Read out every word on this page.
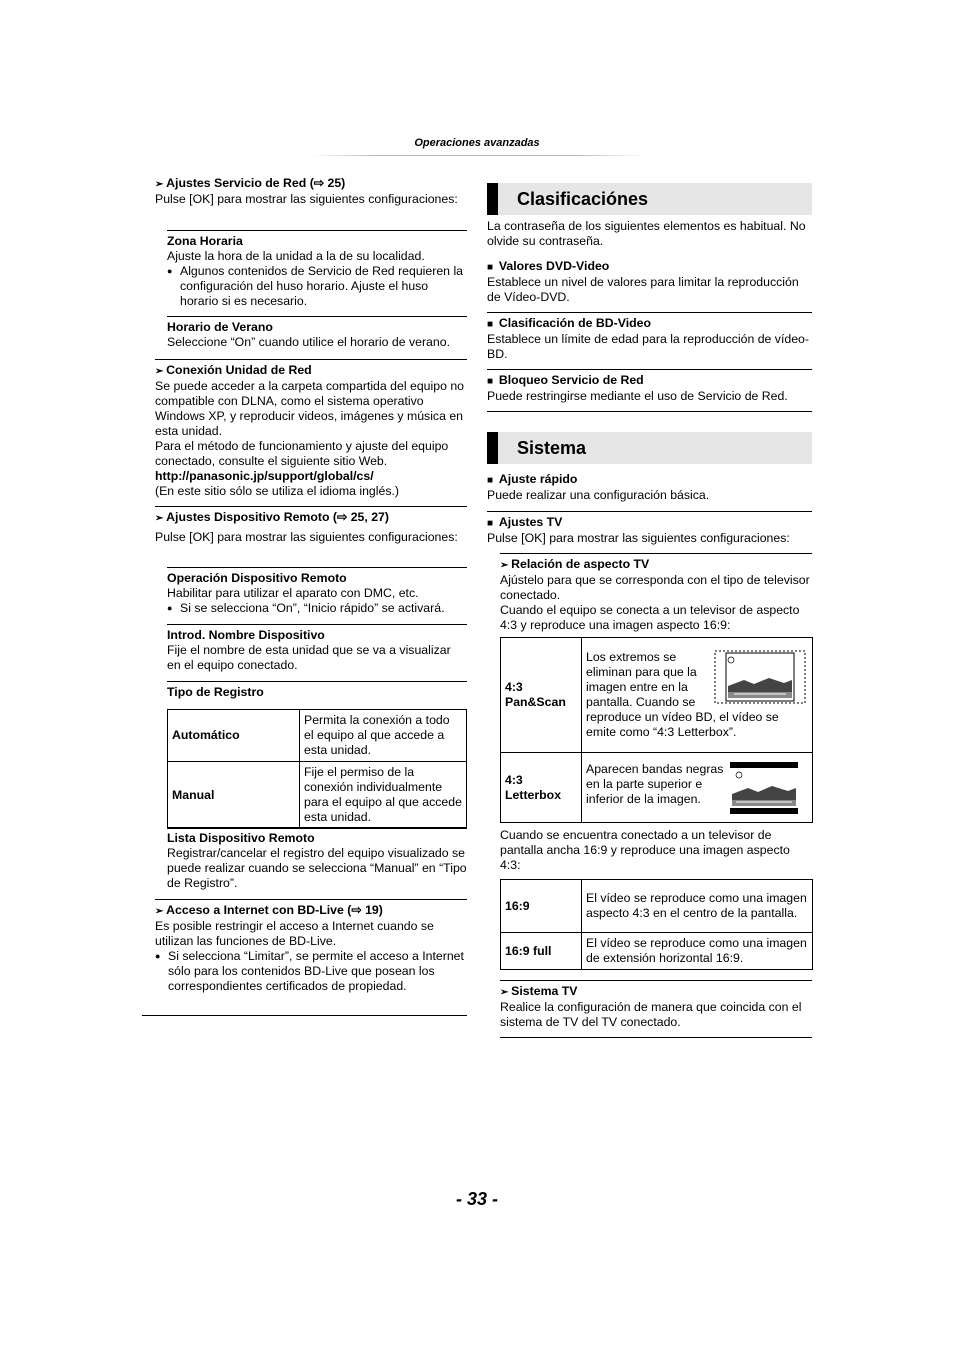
Operaciones avanzadas

➢ Ajustes Servicio de Red (⇨ 25)

Pulse [OK] para mostrar las siguientes configuraciones:

Zona Horaria

Ajuste la hora de la unidad a la de su localidad.

● Algunos contenidos de Servicio de Red requieren la configuración del huso horario. Ajuste el huso horario si es necesario.

Horario de Verano

Seleccione “On” cuando utilice el horario de verano.

➢ Conexión Unidad de Red

Se puede acceder a la carpeta compartida del equipo no compatible con DLNA, como el sistema operativo Windows XP, y reproducir videos, imágenes y música en esta unidad.

Para el método de funcionamiento y ajuste del equipo conectado, consulte el siguiente sitio Web.

http://panasonic.jp/support/global/cs/

(En este sitio sólo se utiliza el idioma inglés.)

➢ Ajustes Dispositivo Remoto (⇨ 25, 27)

Pulse [OK] para mostrar las siguientes configuraciones:

Operación Dispositivo Remoto

Habilitar para utilizar el aparato con DMC, etc.

● Si se selecciona “On”, “Inicio rápido” se activará.

Introd. Nombre Dispositivo

Fije el nombre de esta unidad que se va a visualizar en el equipo conectado.

Tipo de Registro

Automático	Permita la conexión a todo el equipo al que accede a esta unidad.
Manual	Fije el permiso de la conexión individualmente para el equipo al que accede esta unidad.

Lista Dispositivo Remoto

Registrar/cancelar el registro del equipo visualizado se puede realizar cuando se selecciona “Manual” en “Tipo de Registro”.

➢ Acceso a Internet con BD-Live (⇨ 19)

Es posible restringir el acceso a Internet cuando se utilizan las funciones de BD-Live.

● Si selecciona “Limitar”, se permite el acceso a Internet sólo para los contenidos BD-Live que posean los correspondientes certificados de propiedad.

Clasificaciónes

La contraseña de los siguientes elementos es habitual. No olvide su contraseña.

■ Valores DVD-Video

Establece un nivel de valores para limitar la reproducción de Vídeo-DVD.

■ Clasificación de BD-Video

Establece un límite de edad para la reproducción de vídeo-BD.

■ Bloqueo Servicio de Red

Puede restringirse mediante el uso de Servicio de Red.

Sistema

■ Ajuste rápido

Puede realizar una configuración básica.

■ Ajustes TV

Pulse [OK] para mostrar las siguientes configuraciones:

➢ Relación de aspecto TV

Ajústelo para que se corresponda con el tipo de televisor conectado.

Cuando el equipo se conecta a un televisor de aspecto 4:3 y reproduce una imagen aspecto 16:9:

4:3 Pan&Scan	Los extremos se eliminan para que la imagen entre en la pantalla. Cuando se reproduce un vídeo BD, el vídeo se emite como “4:3 Letterbox”.
4:3 Letterbox	Aparecen bandas negras en la parte superior e inferior de la imagen.
Cuando se encuentra conectado a un televisor de pantalla ancha 16:9 y reproduce una imagen aspecto 4:3:
16:9	El vídeo se reproduce como una imagen aspecto 4:3 en el centro de la pantalla.
16:9 full	El vídeo se reproduce como una imagen de extensión horizontal 16:9.

➢ Sistema TV

Realice la configuración de manera que coincida con el sistema de TV del TV conectado.

- 33 -
